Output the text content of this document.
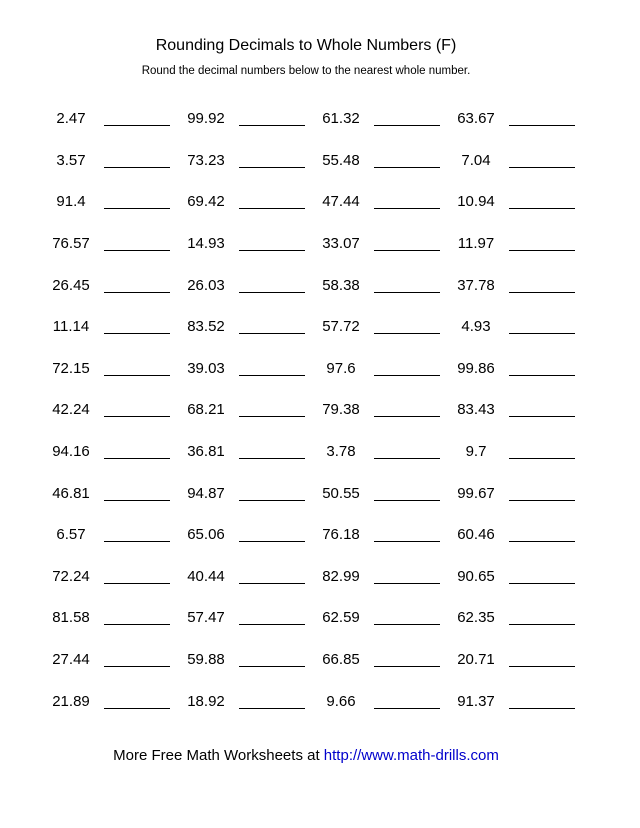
Rounding Decimals to Whole Numbers (F)
Round the decimal numbers below to the nearest whole number.
2.47	99.92	61.32	63.67
3.57	73.23	55.48	7.04
91.4	69.42	47.44	10.94
76.57	14.93	33.07	11.97
26.45	26.03	58.38	37.78
11.14	83.52	57.72	4.93
72.15	39.03	97.6	99.86
42.24	68.21	79.38	83.43
94.16	36.81	3.78	9.7
46.81	94.87	50.55	99.67
6.57	65.06	76.18	60.46
72.24	40.44	82.99	90.65
81.58	57.47	62.59	62.35
27.44	59.88	66.85	20.71
21.89	18.92	9.66	91.37
More Free Math Worksheets at http://www.math-drills.com
